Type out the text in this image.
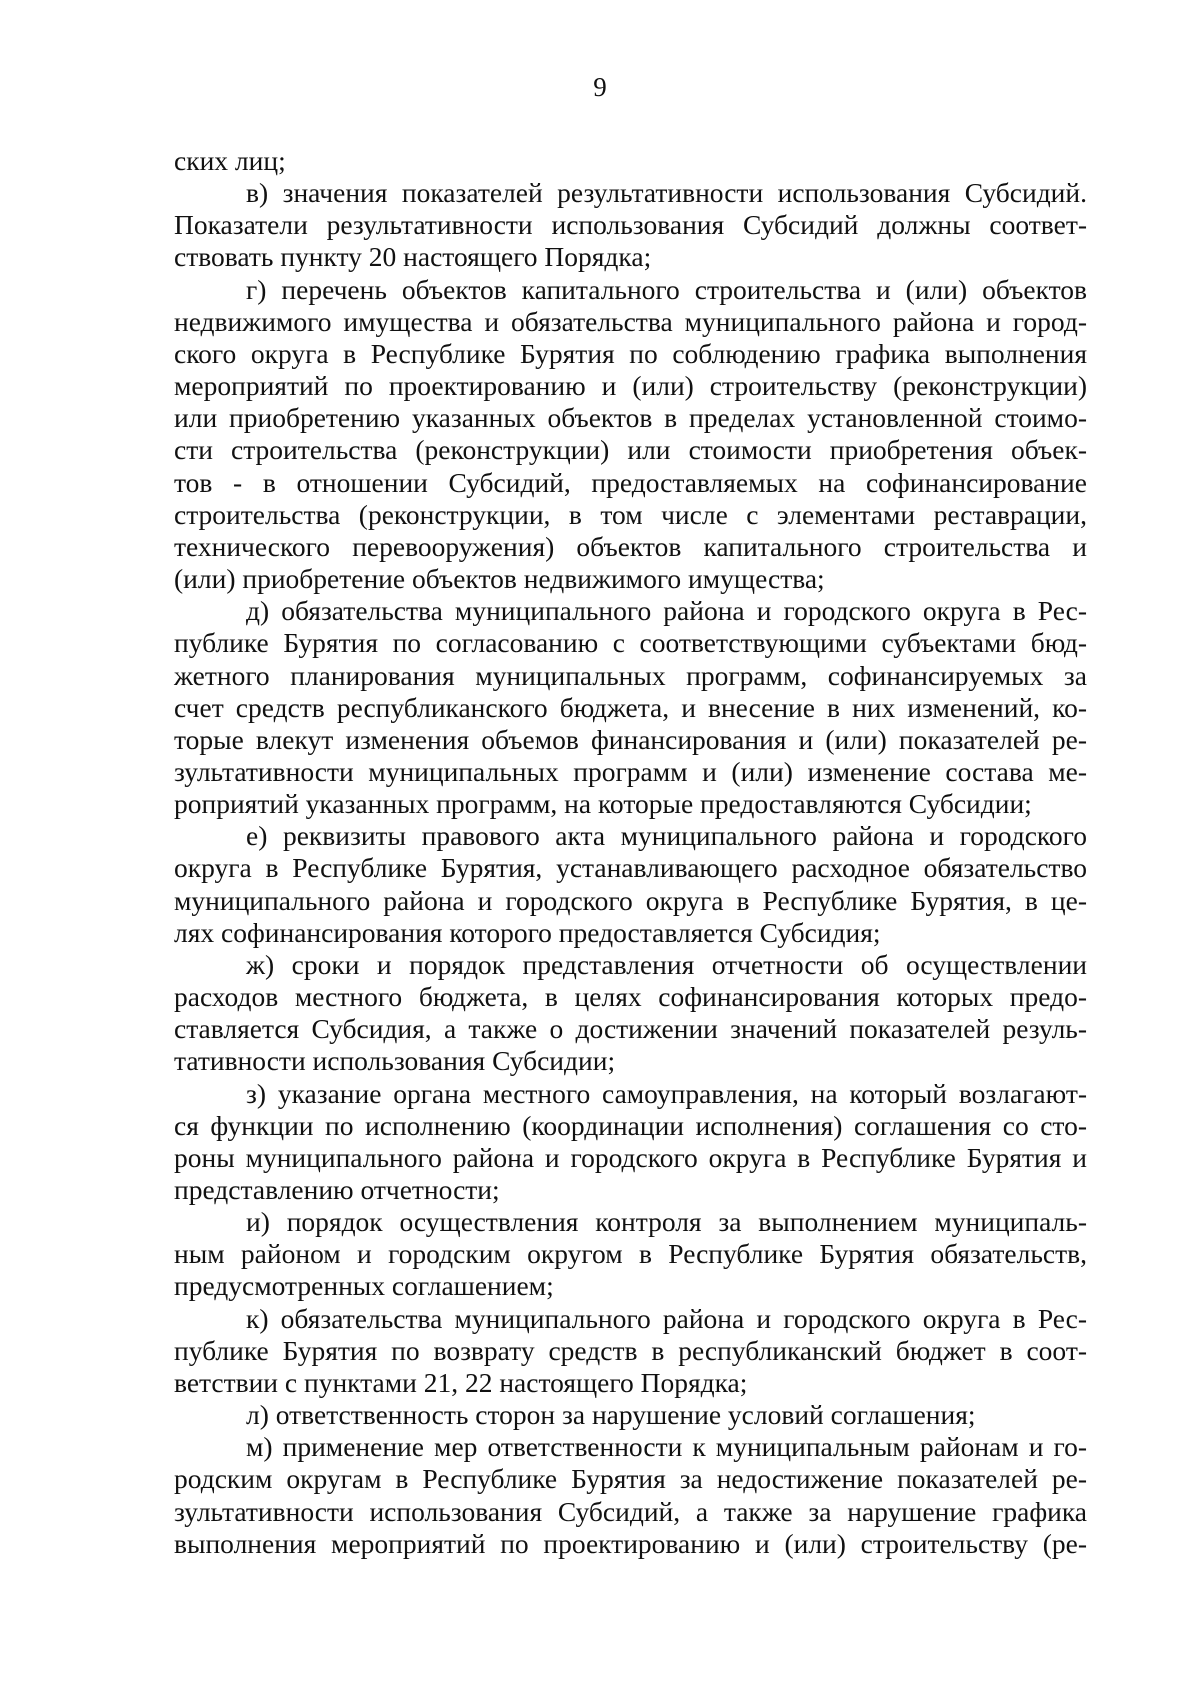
9

ских лиц;

в) значения показателей результативности использования Субсидий.
Показатели результативности использования Субсидий должны соответ-
ствовать пункту 20 настоящего Порядка;

г) перечень объектов капитального строительства и (или) объектов
недвижимого имущества и обязательства муниципального района и город-
ского округа в Республике Бурятия по соблюдению графика выполнения
мероприятий по проектированию и (или) строительству (реконструкции)
или приобретению указанных объектов в пределах установленной стоимо-
сти строительства (реконструкции) или стоимости приобретения объек-
тов - в отношении Субсидий, предоставляемых на софинансирование
строительства (реконструкции, в том числе с элементами реставрации,
технического перевооружения) объектов капитального строительства и
(или) приобретение объектов недвижимого имущества;

д) обязательства муниципального района и городского округа в Рес-
публике Бурятия по согласованию с соответствующими субъектами бюд-
жетного планирования муниципальных программ, софинансируемых за
счет средств республиканского бюджета, и внесение в них изменений, ко-
торые влекут изменения объемов финансирования и (или) показателей ре-
зультативности муниципальных программ и (или) изменение состава ме-
роприятий указанных программ, на которые предоставляются Субсидии;

е) реквизиты правового акта муниципального района и городского
округа в Республике Бурятия, устанавливающего расходное обязательство
муниципального района и городского округа в Республике Бурятия, в це-
лях софинансирования которого предоставляется Субсидия;

ж) сроки и порядок представления отчетности об осуществлении
расходов местного бюджета, в целях софинансирования которых предо-
ставляется Субсидия, а также о достижении значений показателей резуль-
тативности использования Субсидии;

з) указание органа местного самоуправления, на который возлагают-
ся функции по исполнению (координации исполнения) соглашения со сто-
роны муниципального района и городского округа в Республике Бурятия и
представлению отчетности;

и) порядок осуществления контроля за выполнением муниципаль-
ным районом и городским округом в Республике Бурятия обязательств,
предусмотренных соглашением;

к) обязательства муниципального района и городского округа в Рес-
публике Бурятия по возврату средств в республиканский бюджет в соот-
ветствии с пунктами 21, 22 настоящего Порядка;

л) ответственность сторон за нарушение условий соглашения;

м) применение мер ответственности к муниципальным районам и го-
родским округам в Республике Бурятия за недостижение показателей ре-
зультативности использования Субсидий, а также за нарушение графика
выполнения мероприятий по проектированию и (или) строительству (ре-
